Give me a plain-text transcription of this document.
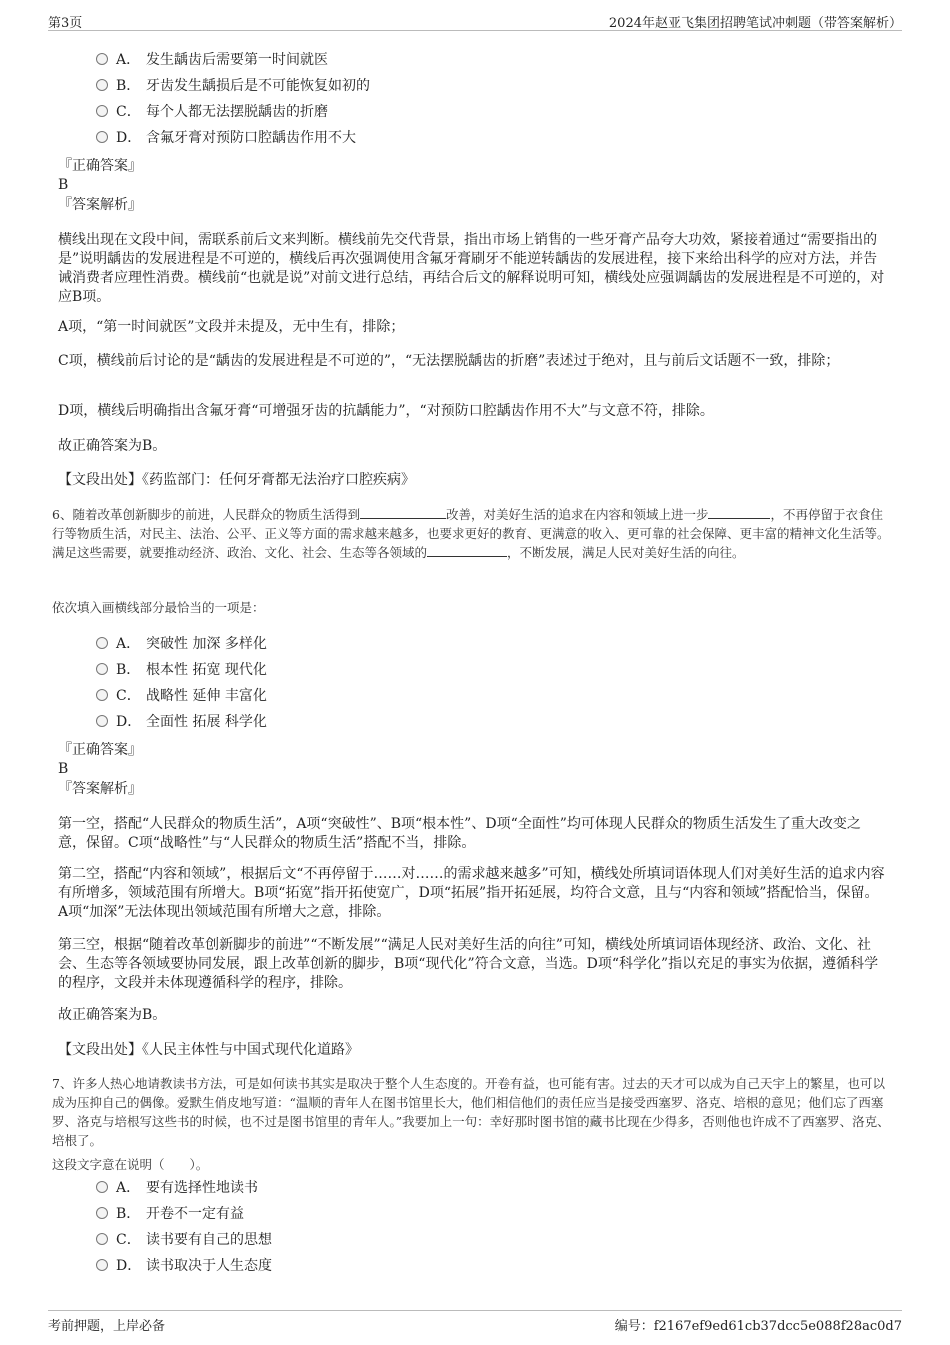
第3页	2024年赵亚飞集团招聘笔试冲刺题（带答案解析）
A． 发生龋齿后需要第一时间就医
B． 牙齿发生龋损后是不可能恢复如初的
C． 每个人都无法摆脱龋齿的折磨
D． 含氟牙膏对预防口腔龋齿作用不大
『正确答案』
B
『答案解析』
横线出现在文段中间，需联系前后文来判断。横线前先交代背景，指出市场上销售的一些牙膏产品夸大功效，紧接着通过“需要指出的是”说明龋齿的发展进程是不可逆的，横线后再次强调使用含氟牙膏刷牙不能逆转龋齿的发展进程，接下来给出科学的应对方法，并告诫消费者应理性消费。横线前“也就是说”对前文进行总结，再结合后文的解释说明可知，横线处应强调龋齿的发展进程是不可逆的，对应B项。
A项，“第一时间就医”文段并未提及，无中生有，排除；
C项，横线前后讨论的是“龋齿的发展进程是不可逆的”，“无法摆脱龋齿的折磨”表述过于绝对，且与前后文话题不一致，排除；
D项，横线后明确指出含氟牙膏“可增强牙齿的抗龋能力”，“对预防口腔龋齿作用不大”与文意不符，排除。
故正确答案为B。
【文段出处】《药监部门：任何牙膏都无法治疗口腔疾病》
6、随着改革创新脚步的前进，人民群众的物质生活得到	改善，对美好生活的追求在内容和领域上进一步	，不再停留于衣食住行等物质生活，对民主、法治、公平、正义等方面的需求越来越多，也要求更好的教育、更满意的收入、更可靠的社会保障、更丰富的精神文化生活等。满足这些需要，就要推动经济、政治、文化、社会、生态等各领域的	，不断发展，满足人民对美好生活的向往。
依次填入画横线部分最恰当的一项是：
A． 突破性 加深 多样化
B． 根本性 拓宽 现代化
C． 战略性 延伸 丰富化
D． 全面性 拓展 科学化
『正确答案』
B
『答案解析』
第一空，搭配“人民群众的物质生活”，A项“突破性”、B项“根本性”、D项“全面性”均可体现人民群众的物质生活发生了重大改变之意，保留。C项“战略性”与“人民群众的物质生活”搭配不当，排除。
第二空，搭配“内容和领域”，根据后文“不再停留于……对……的需求越来越多”可知，横线处所填词语体现人们对美好生活的追求内容有所增多，领域范围有所增大。B项“拓宽”指开拓使宽广，D项“拓展”指开拓延展，均符合文意，且与“内容和领域”搭配恰当，保留。A项“加深”无法体现出领域范围有所增大之意，排除。
第三空，根据“随着改革创新脚步的前进”“不断发展”“满足人民对美好生活的向往”可知，横线处所填词语体现经济、政治、文化、社会、生态等各领域要协同发展，跟上改革创新的脚步，B项“现代化”符合文意，当选。D项“科学化”指以充足的事实为依据，遵循科学的程序，文段并未体现遵循科学的程序，排除。
故正确答案为B。
【文段出处】《人民主体性与中国式现代化道路》
7、许多人热心地请教读书方法，可是如何读书其实是取决于整个人生态度的。开卷有益，也可能有害。过去的天才可以成为自己天宇上的繁星，也可以成为压抑自己的偶像。爱默生俏皮地写道：“温顺的青年人在图书馆里长大，他们相信他们的责任应当是接受西塞罗、洛克、培根的意见；他们忘了西塞罗、洛克与培根写这些书的时候，也不过是图书馆里的青年人。”我要加上一句：幸好那时图书馆的藏书比现在少得多，否则他也许成不了西塞罗、洛克、培根了。
这段文字意在说明（　　）。
A． 要有选择性地读书
B． 开卷不一定有益
C． 读书要有自己的思想
D． 读书取决于人生态度
考前押题，上岸必备	编号：f2167ef9ed61cb37dcc5e088f28ac0d7
